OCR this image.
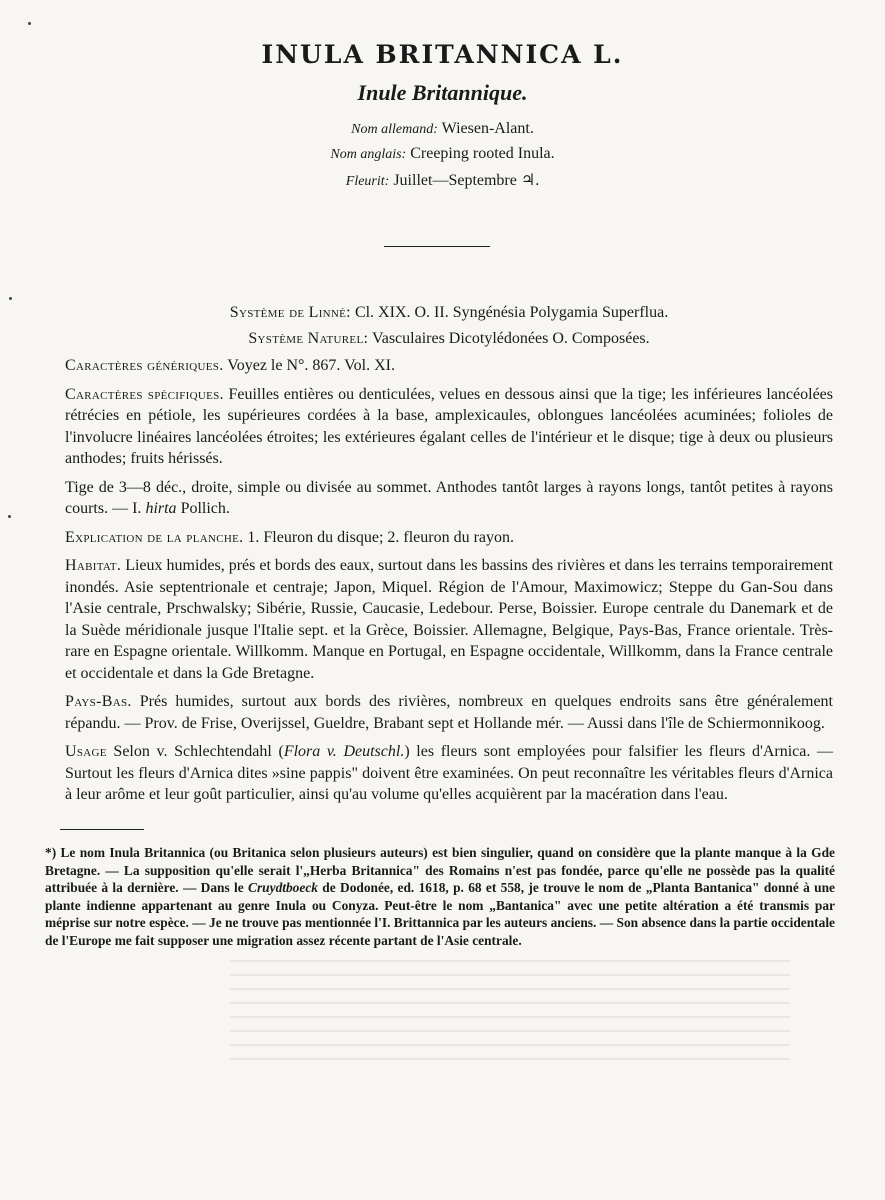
INULA BRITANNICA L.
Inule Britannique.
Nom allemand: Wiesen-Alant.
Nom anglais: Creeping rooted Inula.
Fleurit: Juillet—Septembre ♃.
Système de Linné: Cl. XIX. O. II. Syngénésia Polygamia Superflua.
Système Naturel: Vasculaires Dicotylédonées O. Composées.

Caractères génériques. Voyez le N°. 867. Vol. XI.

Caractères spécifiques. Feuilles entières ou denticulées, velues en dessous ainsi que la tige; les inférieures lancéolées rétrécies en pétiole, les supérieures cordées à la base, amplexicaules, oblongues lancéolées acuminées; folioles de l'involucre linéaires lancéolées étroites; les extérieures égalant celles de l'intérieur et le disque; tige à deux ou plusieurs anthodes; fruits hérissés.

Tige de 3—8 déc., droite, simple ou divisée au sommet. Anthodes tantôt larges à rayons longs, tantôt petites à rayons courts. — I. hirta Pollich.

Explication de la planche. 1. Fleuron du disque; 2. fleuron du rayon.

Habitat. Lieux humides, prés et bords des eaux, surtout dans les bassins des rivières et dans les terrains temporairement inondés. Asie septentrionale et centraje; Japon, Miquel. Région de l'Amour, Maximowicz; Steppe du Gan-Sou dans l'Asie centrale, Prschwalsky; Sibérie, Russie, Caucasie, Ledebour. Perse, Boissier. Europe centrale du Danemark et de la Suède méridionale jusque l'Italie sept. et la Grèce, Boissier. Allemagne, Belgique, Pays-Bas, France orientale. Très-rare en Espagne orientale. Willkomm. Manque en Portugal, en Espagne occidentale, Willkomm, dans la France centrale et occidentale et dans la Gde Bretagne.

Pays-Bas. Prés humides, surtout aux bords des rivières, nombreux en quelques endroits sans être généralement répandu. — Prov. de Frise, Overijssel, Gueldre, Brabant sept et Hollande mér. — Aussi dans l'île de Schiermonnikoog.

Usage Selon v. Schlechtendahl (Flora v. Deutschl.) les fleurs sont employées pour falsifier les fleurs d'Arnica. — Surtout les fleurs d'Arnica dites »sine pappis" doivent être examinées. On peut reconnaître les véritables fleurs d'Arnica à leur arôme et leur goût particulier, ainsi qu'au volume qu'elles acquièrent par la macération dans l'eau.

*) Le nom Inula Britannica (ou Britanica selon plusieurs auteurs) est bien singulier, quand on considère que la plante manque à la Gde Bretagne. — La supposition qu'elle serait l'„Herba Britannica" des Romains n'est pas fondée, parce qu'elle ne possède pas la qualité attribuée à la dernière. — Dans le Cruydtboeck de Dodonée, ed. 1618, p. 68 et 558, je trouve le nom de „Planta Bantanica" donné à une plante indienne appartenant au genre Inula ou Conyza. Peut-être le nom „Bantanica" avec une petite altération a été transmis par méprise sur notre espèce. — Je ne trouve pas mentionnée l'I. Brittannica par les auteurs anciens. — Son absence dans la partie occidentale de l'Europe me fait supposer une migration assez récente partant de l'Asie centrale.
